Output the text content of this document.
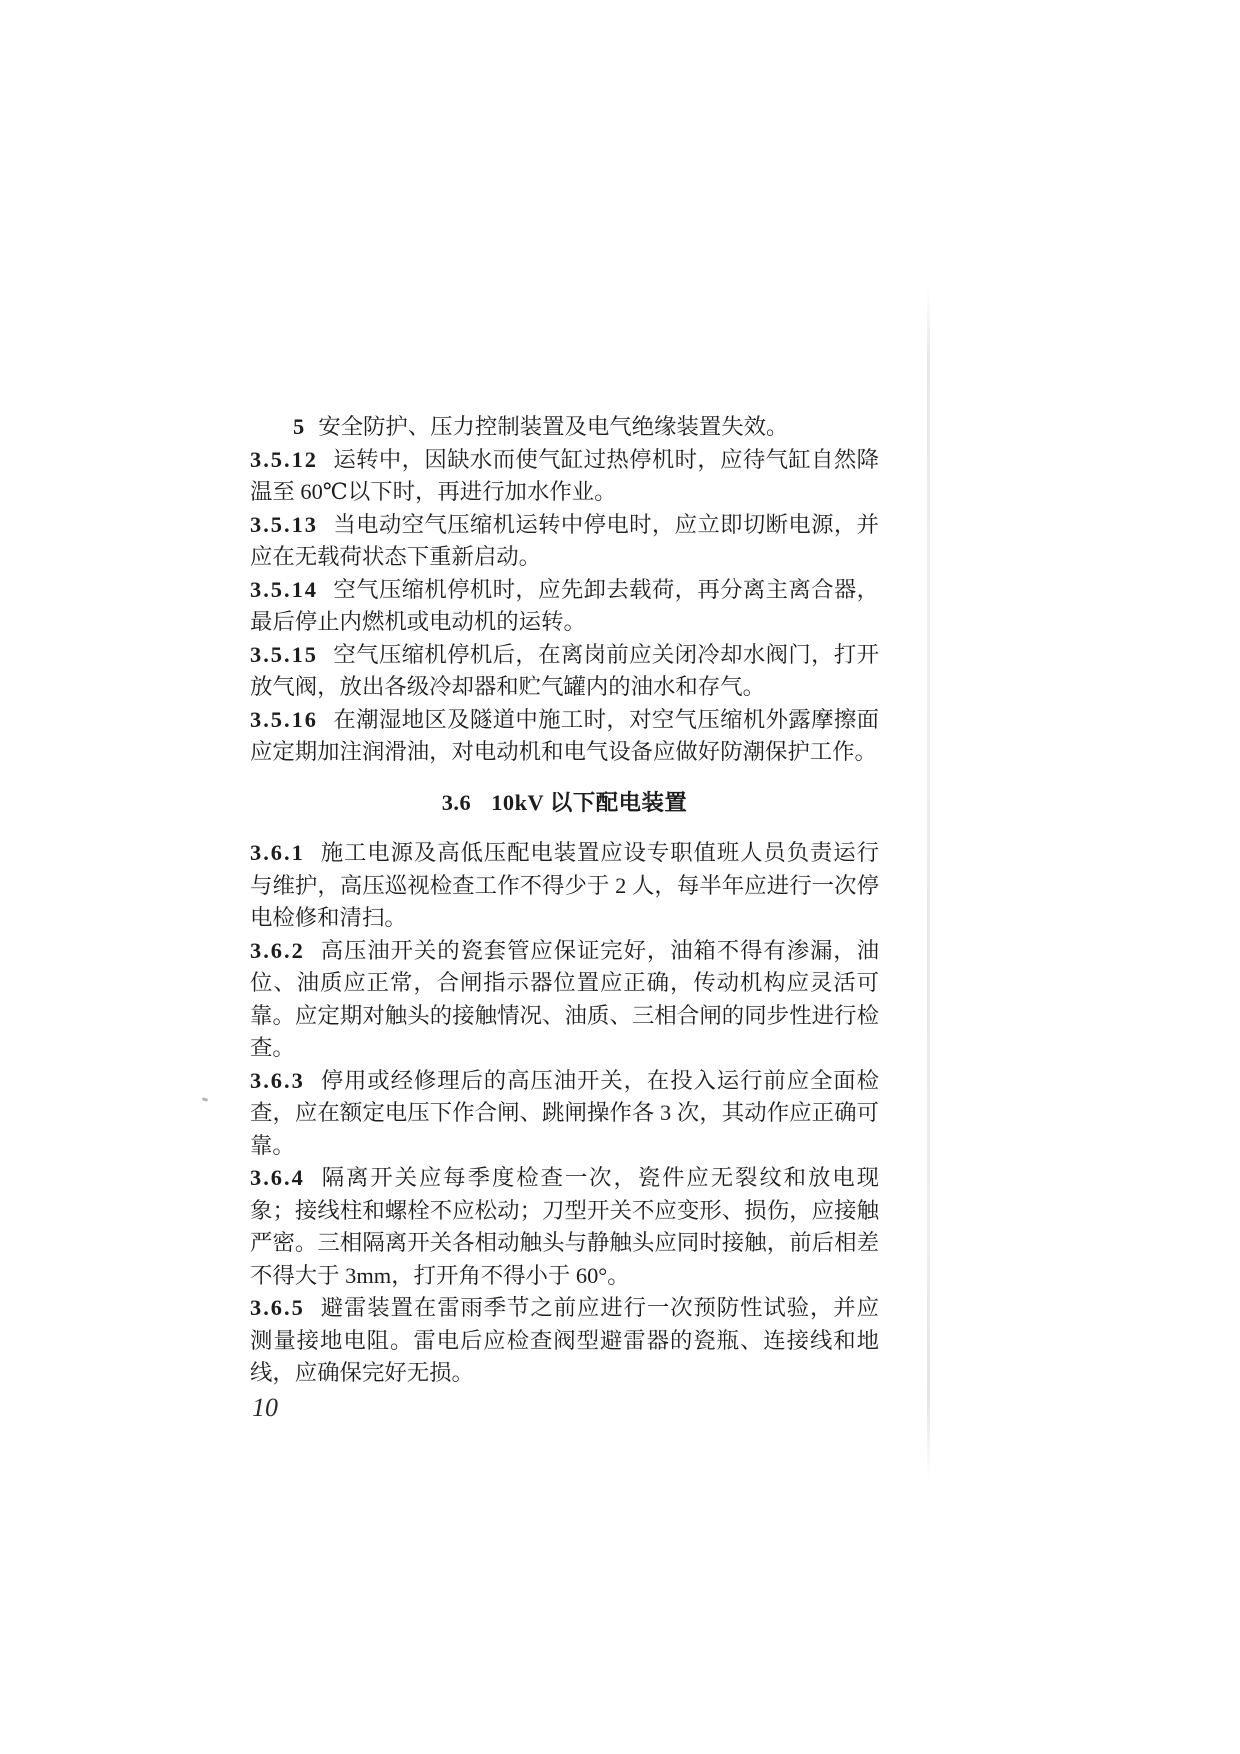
5 安全防护、压力控制装置及电气绝缘装置失效。

3.5.12 运转中，因缺水而使气缸过热停机时，应待气缸自然降温至 60℃以下时，再进行加水作业。

3.5.13 当电动空气压缩机运转中停电时，应立即切断电源，并应在无载荷状态下重新启动。

3.5.14 空气压缩机停机时，应先卸去载荷，再分离主离合器，最后停止内燃机或电动机的运转。

3.5.15 空气压缩机停机后，在离岗前应关闭冷却水阀门，打开放气阀，放出各级冷却器和贮气罐内的油水和存气。

3.5.16 在潮湿地区及隧道中施工时，对空气压缩机外露摩擦面应定期加注润滑油，对电动机和电气设备应做好防潮保护工作。

3.6 10kV 以下配电装置

3.6.1 施工电源及高低压配电装置应设专职值班人员负责运行与维护，高压巡视检查工作不得少于 2 人，每半年应进行一次停电检修和清扫。

3.6.2 高压油开关的瓷套管应保证完好，油箱不得有渗漏，油位、油质应正常，合闸指示器位置应正确，传动机构应灵活可靠。应定期对触头的接触情况、油质、三相合闸的同步性进行检查。

3.6.3 停用或经修理后的高压油开关，在投入运行前应全面检查，应在额定电压下作合闸、跳闸操作各 3 次，其动作应正确可靠。

3.6.4 隔离开关应每季度检查一次，瓷件应无裂纹和放电现象；接线柱和螺栓不应松动；刀型开关不应变形、损伤，应接触严密。三相隔离开关各相动触头与静触头应同时接触，前后相差不得大于 3mm，打开角不得小于 60°。

3.6.5 避雷装置在雷雨季节之前应进行一次预防性试验，并应测量接地电阻。雷电后应检查阀型避雷器的瓷瓶、连接线和地线，应确保完好无损。

10
